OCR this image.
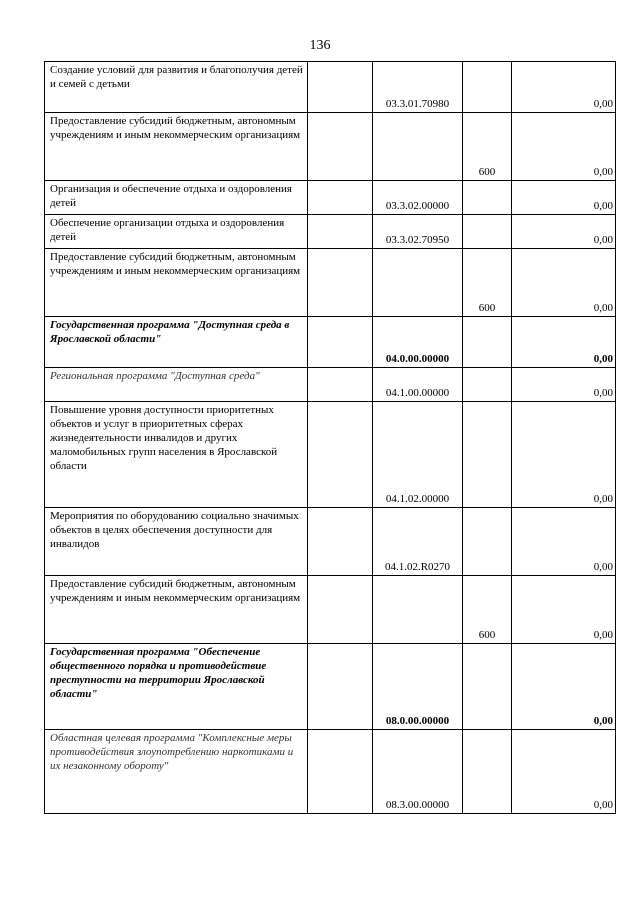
136
Создание условий для развития и благополучия детей и семей с детьми		03.3.01.70980		0,00
Предоставление субсидий бюджетным, автономным учреждениям и иным некоммерческим организациям			600	0,00
Организация и обеспечение отдыха и оздоровления детей		03.3.02.00000		0,00
Обеспечение организации отдыха и оздоровления детей		03.3.02.70950		0,00
Предоставление субсидий бюджетным, автономным учреждениям и иным некоммерческим организациям			600	0,00
Государственная программа "Доступная среда в Ярославской области"		04.0.00.00000		0,00
Региональная программа "Доступная среда"		04.1.00.00000		0,00
Повышение уровня доступности приоритетных объектов и услуг в приоритетных сферах жизнедеятельности инвалидов и других маломобильных групп населения в Ярославской области		04.1.02.00000		0,00
Мероприятия по оборудованию социально значимых объектов в целях обеспечения доступности для инвалидов		04.1.02.R0270		0,00
Предоставление субсидий бюджетным, автономным учреждениям и иным некоммерческим организациям			600	0,00
Государственная программа "Обеспечение общественного порядка и противодействие преступности на территории Ярославской области"		08.0.00.00000		0,00
Областная целевая программа "Комплексные меры противодействия злоупотреблению наркотиками и их незаконному обороту"		08.3.00.00000		0,00
